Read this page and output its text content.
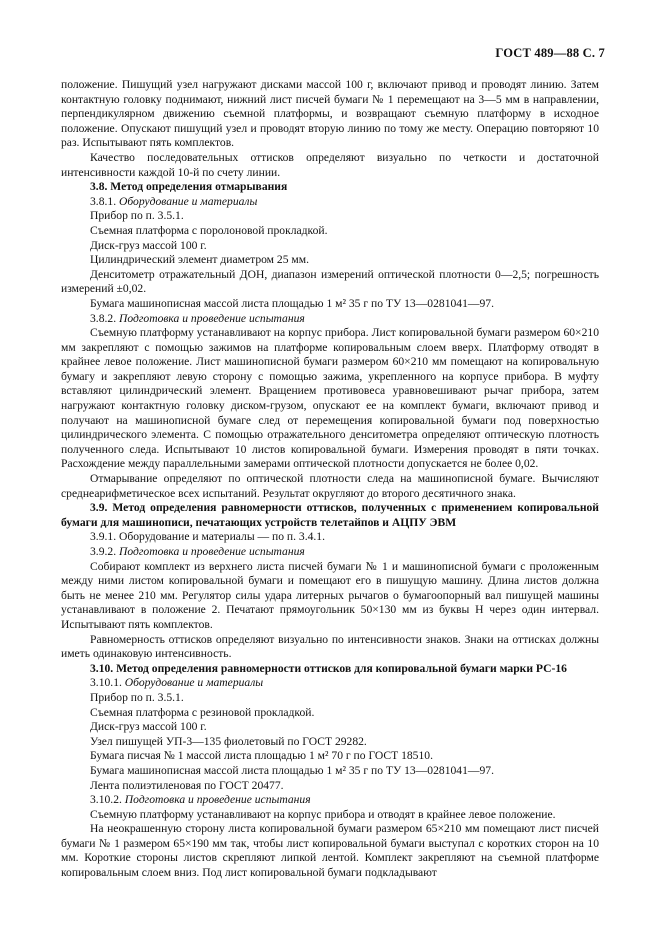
ГОСТ 489—88 С. 7

положение. Пишущий узел нагружают дисками массой 100 г, включают привод и проводят линию. Затем контактную головку поднимают, нижний лист писчей бумаги № 1 перемещают на 3—5 мм в направлении, перпендикулярном движению съемной платформы, и возвращают съемную платформу в исходное положение. Опускают пишущий узел и проводят вторую линию по тому же месту. Операцию повторяют 10 раз. Испытывают пять комплектов.

Качество последовательных оттисков определяют визуально по четкости и достаточной интенсивности каждой 10-й по счету линии.

3.8. Метод определения отмарывания

3.8.1. Оборудование и материалы

Прибор по п. 3.5.1.

Съемная платформа с поролоновой прокладкой.

Диск-груз массой 100 г.

Цилиндрический элемент диаметром 25 мм.

Денситометр отражательный ДОН, диапазон измерений оптической плотности 0—2,5; погрешность измерений ±0,02.

Бумага машинописная массой листа площадью 1 м² 35 г по ТУ 13—0281041—97.

3.8.2. Подготовка и проведение испытания

Съемную платформу устанавливают на корпус прибора. Лист копировальной бумаги размером 60×210 мм закрепляют с помощью зажимов на платформе копировальным слоем вверх. Платформу отводят в крайнее левое положение. Лист машинописной бумаги размером 60×210 мм помещают на копировальную бумагу и закрепляют левую сторону с помощью зажима, укрепленного на корпусе прибора. В муфту вставляют цилиндрический элемент. Вращением противовеса уравновешивают рычаг прибора, затем нагружают контактную головку диском-грузом, опускают ее на комплект бумаги, включают привод и получают на машинописной бумаге след от перемещения копировальной бумаги под поверхностью цилиндрического элемента. С помощью отражательного денситометра определяют оптическую плотность полученного следа. Испытывают 10 листов копировальной бумаги. Измерения проводят в пяти точках. Расхождение между параллельными замерами оптической плотности допускается не более 0,02.

Отмарывание определяют по оптической плотности следа на машинописной бумаге. Вычисляют среднеарифметическое всех испытаний. Результат округляют до второго десятичного знака.

3.9. Метод определения равномерности оттисков, полученных с применением копировальной бумаги для машинописи, печатающих устройств телетайпов и АЦПУ ЭВМ

3.9.1. Оборудование и материалы — по п. 3.4.1.

3.9.2. Подготовка и проведение испытания

Собирают комплект из верхнего листа писчей бумаги № 1 и машинописной бумаги с проложенным между ними листом копировальной бумаги и помещают его в пишущую машину. Длина листов должна быть не менее 210 мм. Регулятор силы удара литерных рычагов о бумагоопорный вал пишущей машины устанавливают в положение 2. Печатают прямоугольник 50×130 мм из буквы Н через один интервал. Испытывают пять комплектов.

Равномерность оттисков определяют визуально по интенсивности знаков. Знаки на оттисках должны иметь одинаковую интенсивность.

3.10. Метод определения равномерности оттисков для копировальной бумаги марки РС-16

3.10.1. Оборудование и материалы

Прибор по п. 3.5.1.

Съемная платформа с резиновой прокладкой.

Диск-груз массой 100 г.

Узел пишущей УП-3—135 фиолетовый по ГОСТ 29282.

Бумага писчая № 1 массой листа площадью 1 м² 70 г по ГОСТ 18510.

Бумага машинописная массой листа площадью 1 м² 35 г по ТУ 13—0281041—97.

Лента полиэтиленовая по ГОСТ 20477.

3.10.2. Подготовка и проведение испытания

Съемную платформу устанавливают на корпус прибора и отводят в крайнее левое положение.

На неокрашенную сторону листа копировальной бумаги размером 65×210 мм помещают лист писчей бумаги № 1 размером 65×190 мм так, чтобы лист копировальной бумаги выступал с коротких сторон на 10 мм. Короткие стороны листов скрепляют липкой лентой. Комплект закрепляют на съемной платформе копировальным слоем вниз. Под лист копировальной бумаги подкладывают
